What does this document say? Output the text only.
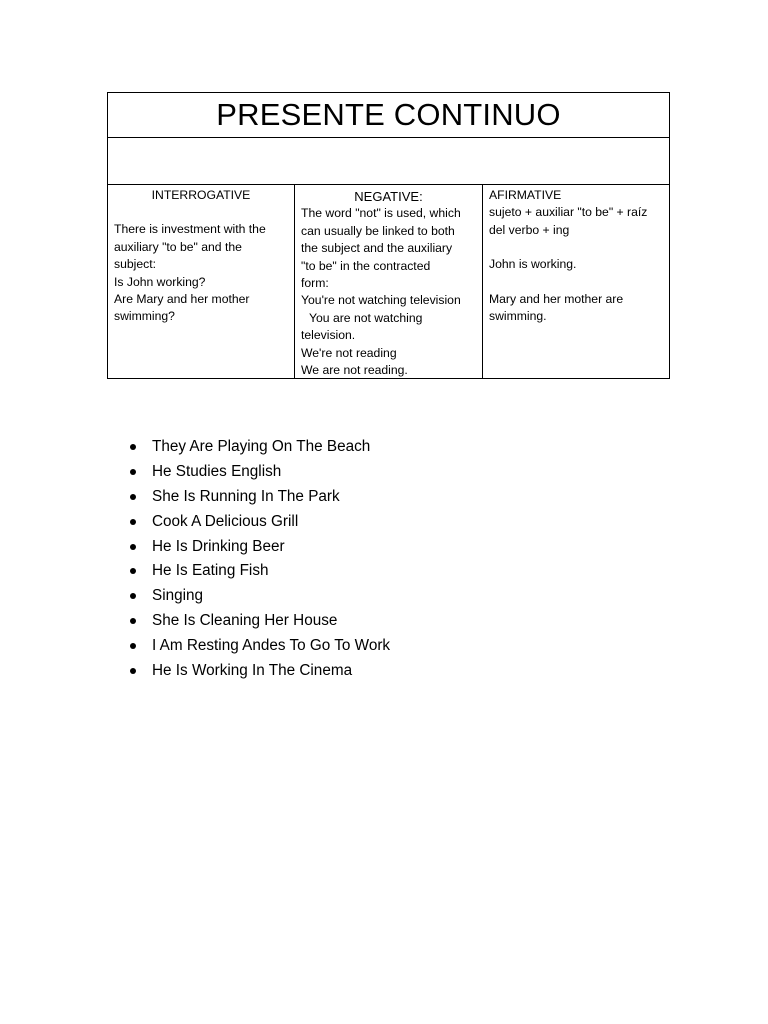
PRESENTE CONTINUO
INTERROGATIVE
There is investment with the
auxiliary "to be" and the
subject:
Is John working?
Are Mary and her mother
swimming?
NEGATIVE:
The word "not" is used, which
can usually be linked to both
the subject and the auxiliary
"to be" in the contracted
form:
You're not watching television
You are not watching
television.
We're not reading
We are not reading.
AFIRMATIVE
sujeto + auxiliar "to be" + raíz
del verbo + ing
John is working.
Mary and her mother are
swimming.
They Are Playing On The Beach
He Studies English
She Is Running In The Park
Cook A Delicious Grill
He Is Drinking Beer
He Is Eating Fish
Singing
She Is Cleaning Her House
I Am Resting Andes To Go To Work
He Is Working In The Cinema
